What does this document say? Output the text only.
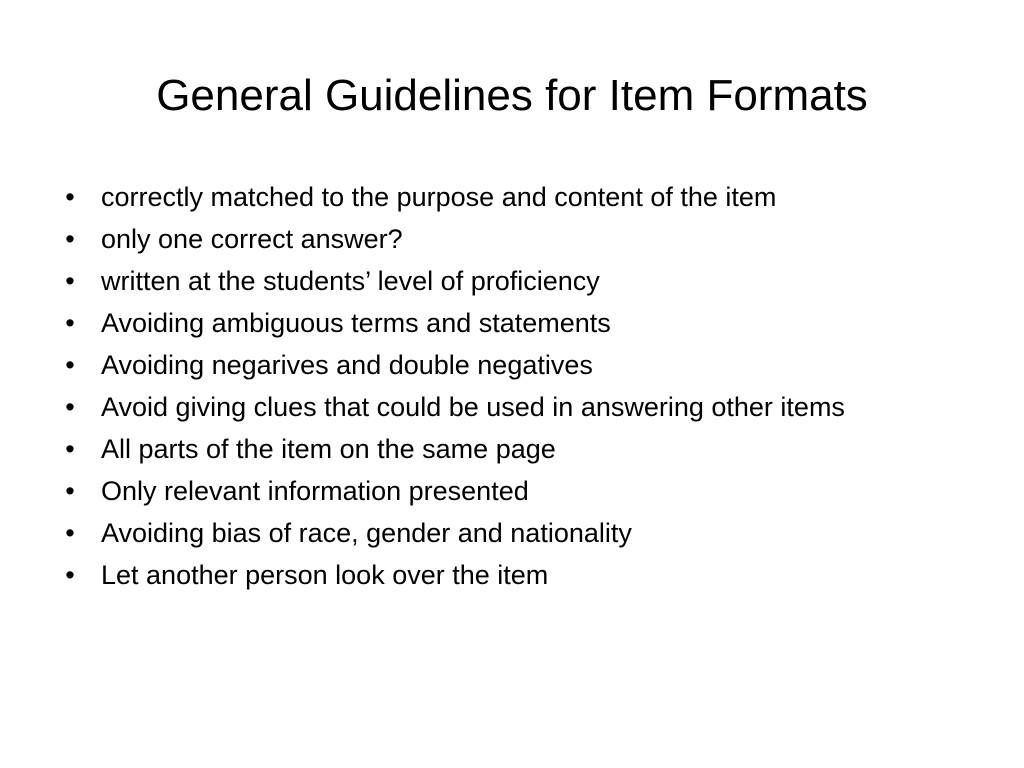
General Guidelines for Item Formats
• correctly matched to the purpose and content of the item
• only one correct answer?
• written at the students’ level of proficiency
• Avoiding ambiguous terms and statements
• Avoiding negarives and double negatives
• Avoid giving clues that could be used in answering other items
• All parts of the item on the same page
• Only relevant information presented
• Avoiding bias of race, gender and nationality
• Let another person look over the item
